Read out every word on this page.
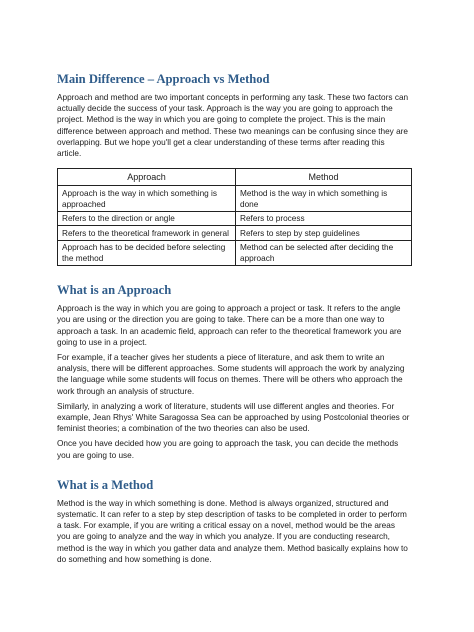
Main Difference – Approach vs Method

Approach and method are two important concepts in performing any task. These two factors can actually decide the success of your task. Approach is the way you are going to approach the project. Method is the way in which you are going to complete the project. This is the main difference between approach and method. These two meanings can be confusing since they are overlapping. But we hope you'll get a clear understanding of these terms after reading this article.

Approach	Method
Approach is the way in which something is approached	Method is the way in which something is done
Refers to the direction or angle	Refers to process
Refers to the theoretical framework in general	Refers to step by step guidelines
Approach has to be decided before selecting the method	Method can be selected after deciding the approach
What is an Approach

Approach is the way in which you are going to approach a project or task. It refers to the angle you are using or the direction you are going to take. There can be a more than one way to approach a task. In an academic field, approach can refer to the theoretical framework you are going to use in a project.

For example, if a teacher gives her students a piece of literature, and ask them to write an analysis, there will be different approaches. Some students will approach the work by analyzing the language while some students will focus on themes. There will be others who approach the work through an analysis of structure.

Similarly, in analyzing a work of literature, students will use different angles and theories. For example, Jean Rhys' White Saragossa Sea can be approached by using Postcolonial theories or feminist theories; a combination of the two theories can also be used.

Once you have decided how you are going to approach the task, you can decide the methods you are going to use.

What is a Method

Method is the way in which something is done. Method is always organized, structured and systematic. It can refer to a step by step description of tasks to be completed in order to perform a task. For example, if you are writing a critical essay on a novel, method would be the areas you are going to analyze and the way in which you analyze. If you are conducting research, method is the way in which you gather data and analyze them. Method basically explains how to do something and how something is done.
